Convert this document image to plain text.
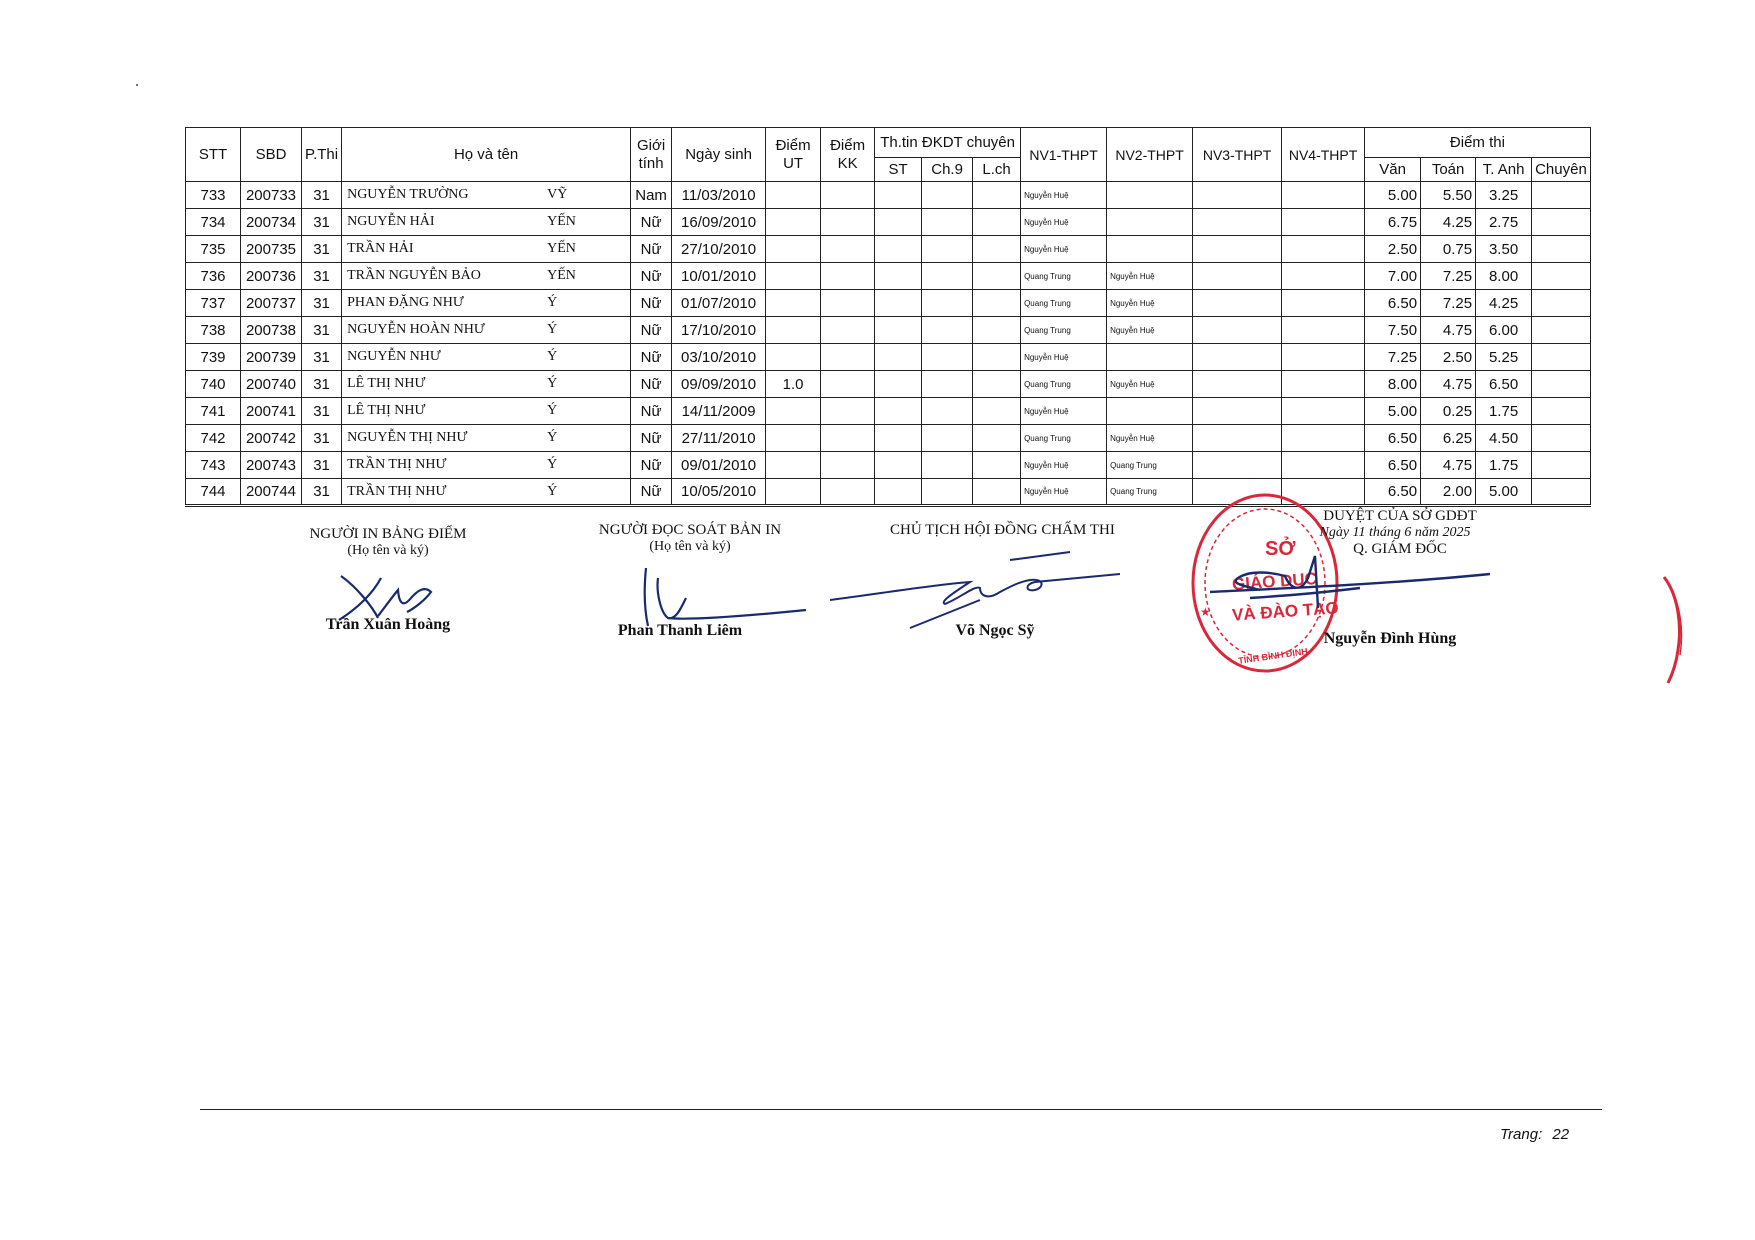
STT	SBD	P.Thi	Họ và tên	Giới tính	Ngày sinh	Điểm UT	Điểm KK	Th.tin ĐKDT chuyên			NV1-THPT	NV2-THPT	NV3-THPT	NV4-THPT	Điểm thi			
								ST	Ch.9	L.ch					Văn	Toán	T. Anh	Chuyên
733	200733	31	NGUYỄN TRƯỜNG VỸ	Nam	11/03/2010						Nguyễn Huệ				5.00	5.50	3.25	
734	200734	31	NGUYỄN HẢI YẾN	Nữ	16/09/2010						Nguyễn Huệ				6.75	4.25	2.75	
735	200735	31	TRẦN HẢI YẾN	Nữ	27/10/2010						Nguyễn Huệ				2.50	0.75	3.50	
736	200736	31	TRẦN NGUYỄN BẢO YẾN	Nữ	10/01/2010						Quang Trung	Nguyễn Huệ			7.00	7.25	8.00	
737	200737	31	PHAN ĐẶNG NHƯ Ý	Nữ	01/07/2010						Quang Trung	Nguyễn Huệ			6.50	7.25	4.25	
738	200738	31	NGUYỄN HOÀN NHƯ Ý	Nữ	17/10/2010						Quang Trung	Nguyễn Huệ			7.50	4.75	6.00	
739	200739	31	NGUYỄN NHƯ Ý	Nữ	03/10/2010						Nguyễn Huệ				7.25	2.50	5.25	
740	200740	31	LÊ THỊ NHƯ Ý	Nữ	09/09/2010	1.0					Quang Trung	Nguyễn Huệ			8.00	4.75	6.50	
741	200741	31	LÊ THỊ NHƯ Ý	Nữ	14/11/2009						Nguyễn Huệ				5.00	0.25	1.75	
742	200742	31	NGUYỄN THỊ NHƯ Ý	Nữ	27/11/2010						Quang Trung	Nguyễn Huệ			6.50	6.25	4.50	
743	200743	31	TRẦN THỊ NHƯ Ý	Nữ	09/01/2010						Nguyễn Huệ	Quang Trung			6.50	4.75	1.75	
744	200744	31	TRẦN THỊ NHƯ Ý	Nữ	10/05/2010						Nguyễn Huệ	Quang Trung			6.50	2.00	5.00	
NGƯỜI IN BẢNG ĐIỂM
(Họ tên và ký)
Trần Xuân Hoàng
NGƯỜI ĐỌC SOÁT BẢN IN
(Họ tên và ký)
Phan Thanh Liêm
CHỦ TỊCH HỘI ĐỒNG CHẤM THI
Võ Ngọc Sỹ
★
SỞ
GIÁO DỤC
VÀ ĐÀO TẠO
TỈNH BÌNH ĐỊNH
DUYỆT CỦA SỞ GDĐT
Ngày 11 tháng 6 năm 2025
Q. GIÁM ĐỐC
Nguyễn Đình Hùng
Trang: 22
